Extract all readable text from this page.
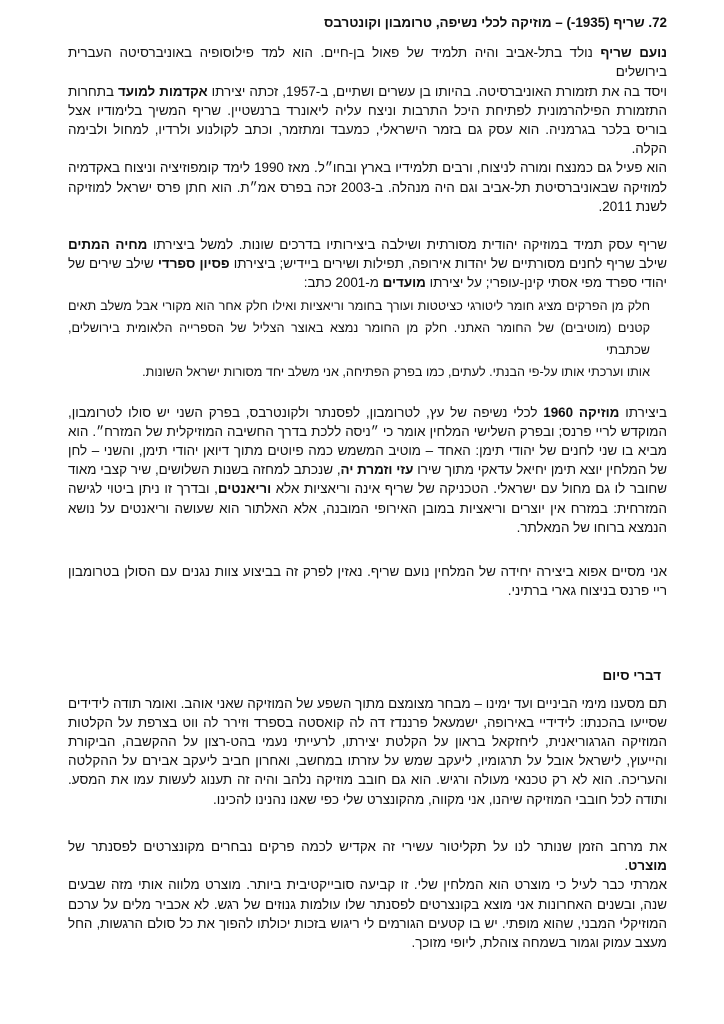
72. שריף (1935-) – מוזיקה לכלי נשיפה, טרומבון וקונטרבס
נועם שריף נולד בתל-אביב והיה תלמיד של פאול בן-חיים. הוא למד פילוסופיה באוניברסיטה העברית בירושלים
ויסד בה את תזמורת האוניברסיטה. בהיותו בן עשרים ושתיים, ב-1957, זכתה יצירתו אקדמות למועד בתחרות
התזמורת הפילהרמונית לפתיחת היכל התרבות וניצח עליה ליאונרד ברנשטיין. שריף המשיך בלימודיו אצל
בוריס בלכר בגרמניה. הוא עסק גם בזמר הישראלי, כמעבד ומתזמר, וכתב לקולנוע ולרדיו, למחול ולבימה הקלה.
הוא פעיל גם כמנצח ומורה לניצוח, ורבים תלמידיו בארץ ובחו״ל. מאז 1990 לימד קומפוזיציה וניצוח באקדמיה
למוזיקה שבאוניברסיטת תל-אביב וגם היה מנהלה. ב-2003 זכה בפרס אמ״ת. הוא חתן פרס ישראל למוזיקה
לשנת 2011.
שריף עסק תמיד במוזיקה יהודית מסורתית ושילבה ביצירותיו בדרכים שונות. למשל ביצירתו מחיה המתים
שילב שריף לחנים מסורתיים של יהדות אירופה, תפילות ושירים ביידיש; ביצירתו פסיון ספרדי שילב שירים של
יהודי ספרד מפי אסתי קינן-עופרי; על יצירתו מועדים מ-2001 כתב:
חלק מן הפרקים מציג חומר ליטורגי כציטטות ועורך בחומר וריאציות ואילו חלק אחר הוא מקורי אבל משלב תאים
קטנים (מוטיבים) של החומר האתני. חלק מן החומר נמצא באוצר הצליל של הספרייה הלאומית בירושלים, שכתבתי
אותו וערכתי אותו על-פי הבנתי. לעתים, כמו בפרק הפתיחה, אני משלב יחד מסורות ישראל השונות.
ביצירתו מוזיקה 1960 לכלי נשיפה של עץ, לטרומבון, לפסנתר ולקונטרבס, בפרק השני יש סולו לטרומבון,
המוקדש לריי פרנס; ובפרק השלישי המלחין אומר כי ״ניסה ללכת בדרך החשיבה המוזיקלית של המזרח״. הוא
מביא בו שני לחנים של יהודי תימן: האחד – מוטיב המשמש כמה פיוטים מתוך דיואן יהודי תימן, והשני – לחן
של המלחין יוצא תימן יחיאל עדאקי מתוך שירו עזי וזמרת יה, שנכתב למחזה בשנות השלושים, שיר קצבי מאוד
שחובר לו גם מחול עם ישראלי. הטכניקה של שריף אינה וריאציות אלא וריאנטים, ובדרך זו ניתן ביטוי לגישה
המזרחית: במזרח אין יוצרים וריאציות במובן האירופי המובנה, אלא האלתור הוא שעושה וריאנטים על נושא
הנמצא ברוחו של המאלתר.
אני מסיים אפוא ביצירה יחידה של המלחין נועם שריף. נאזין לפרק זה בביצוע צוות נגנים עם הסולן בטרומבון
ריי פרנס בניצוח גארי ברתיני.
דברי סיום
תם מסענו מימי הביניים ועד ימינו – מבחר מצומצם מתוך השפע של המוזיקה שאני אוהב. ואומר תודה לידידים
שסייעו בהכנתו: לידידיי באירופה, ישמעאל פרננדז דה לה קואסטה בספרד וזירר לה ווט בצרפת על הקלטות
המוזיקה הגרגוריאנית, ליחזקאל בראון על הקלטת יצירתו, לרעייתי נעמי בהט-רצון על ההקשבה, הביקורת
והייעוץ, לישראל אובל על תרגומיו, ליעקב שמש על עזרתו במחשב, ואחרון חביב ליעקב אבירם על ההקלטה
והעריכה. הוא לא רק טכנאי מעולה ורגיש. הוא גם חובב מוזיקה נלהב והיה זה תענוג לעשות עמו את המסע.
ותודה לכל חובבי המוזיקה שיהנו, אני מקווה, מהקונצרט שלי כפי שאנו נהנינו להכינו.
את מרחב הזמן שנותר לנו על תקליטור עשירי זה אקדיש לכמה פרקים נבחרים מקונצרטים לפסנתר של מוצרט.
אמרתי כבר לעיל כי מוצרט הוא המלחין שלי. זו קביעה סובייקטיבית ביותר. מוצרט מלווה אותי מזה שבעים
שנה, ובשנים האחרונות אני מוצא בקונצרטים לפסנתר שלו עולמות גנוזים של רגש. לא אכביר מלים על ערכם
המוזיקלי המבני, שהוא מופתי. יש בו קטעים הגורמים לי ריגוש בזכות יכולתו להפוך את כל סולם הרגשות, החל
מעצב עמוק וגמור בשמחה צוהלת, ליופי מזוכך.
